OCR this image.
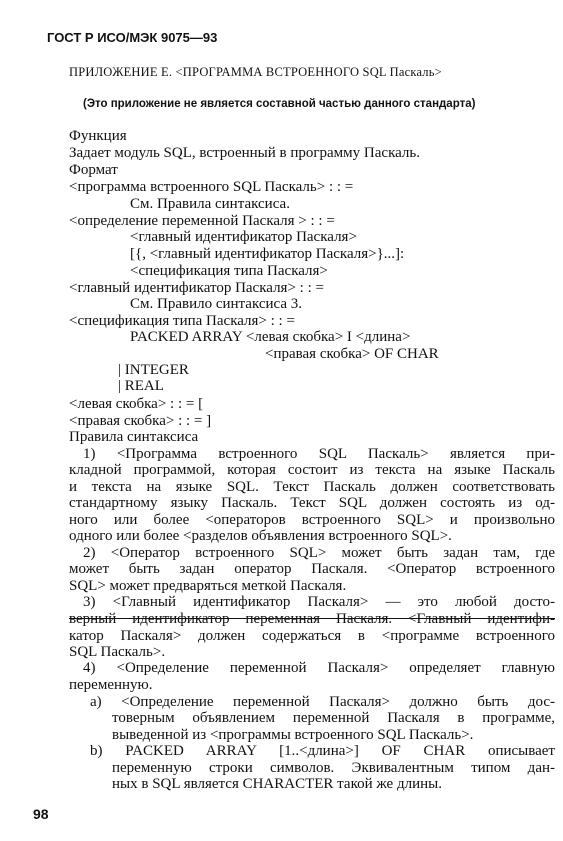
ГОСТ Р ИСО/МЭК 9075—93
ПРИЛОЖЕНИЕ Е. <ПРОГРАММА ВСТРОЕННОГО SQL Паскаль>
(Это приложение не является составной частью данного стандарта)
Функция
Задает модуль SQL, встроенный в программу Паскаль.
Формат
<программа встроенного SQL Паскаль> : : =
См. Правила синтаксиса.
<определение переменной Паскаля > : : =
<главный идентификатор Паскаля>
[{, <главный идентификатор Паскаля>}...]:
<спецификация типа Паскаля>
<главный идентификатор Паскаля> : : =
См. Правило синтаксиса 3.
<спецификация типа Паскаля> : : =
PACKED ARRAY <левая скобка> I <длина>
<правая скобка> OF CHAR
| INTEGER
| REAL
<левая скобка> : : = [
<правая скобка> : : = ]
Правила синтаксиса
1) <Программа встроенного SQL Паскаль> является при-
кладной программой, которая состоит из текста на языке Паскаль
и текста на языке SQL. Текст Паскаль должен соответствовать
стандартному языку Паскаль. Текст SQL должен состоять из од-
ного или более <операторов встроенного SQL> и произвольно
одного или более <разделов объявления встроенного SQL>.
2) <Оператор встроенного SQL> может быть задан там, где
может быть задан оператор Паскаля. <Оператор встроенного
SQL> может предваряться меткой Паскаля.
3) <Главный идентификатор Паскаля> — это любой досто-
верный идентификатор переменная Паскаля. <Главный идентифи-
катор Паскаля> должен содержаться в <программе встроенного
SQL Паскаль>.
4) <Определение переменной Паскаля> определяет главную
переменную.
a) <Определение переменной Паскаля> должно быть дос-
товерным объявлением переменной Паскаля в программе,
выведенной из <программы встроенного SQL Паскаль>.
b) PACKED ARRAY [1..<длина>] OF CHAR описывает
переменную строки символов. Эквивалентным типом дан-
ных в SQL является CHARACTER такой же длины.
98
